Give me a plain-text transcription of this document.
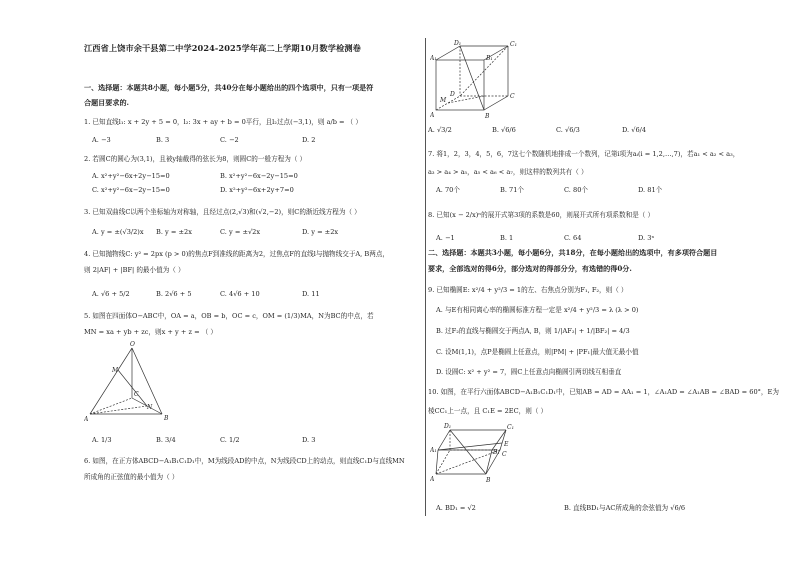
江西省上饶市余干县第二中学2024-2025学年高二上学期10月数学检测卷
一、选择题：本题共8小题，每小题5分，共40分在每小题给出的四个选项中，只有一项是符
合题目要求的.
1. 已知直线l₁: x + 2y + 5 = 0，l₂: 3x + ay + b = 0平行，且l₂过点(−3,1)，则 a/b = （ ）
A. −3	B. 3	C. −2	D. 2
2. 若圆C的圆心为(3,1)，且被y轴截得的弦长为8，则圆C的一般方程为（ ）
A. x²+y²−6x+2y−15=0	B. x²+y²−6x−2y−15=0
C. x²+y²−6x−2y−15=0	D. x²+y²−6x+2y+7=0
3. 已知双曲线C以两个坐标轴为对称轴，且经过点(2,√3)和(√2,−2)，则C的渐近线方程为（ ）
A. y = ±(√3/2)x B. y = ±2x	C. y = ±√2x	D. y = ±2x
4. 已知抛物线C: y² = 2px (p > 0)的焦点F到准线的距离为2，过焦点F的直线l与抛物线交于A, B两点，
则 2|AF| + |BF| 的最小值为（ ）
A. √6 + 5/2	B. 2√6 + 5	C. 4√6 + 10	D. 11
5. 如图在四面体O−ABC中，OA = a，OB = b，OC = c，OM = (1/3)MA，N为BC的中点，若
MN = xa + yb + zc，则x + y + z = （ ）
O
M
C
N
A	B
A. 1/3	B. 3/4	C. 1/2	D. 3
6. 如图，在正方体ABCD−A₁B₁C₁D₁中，M为线段AD的中点，N为线段CD上的动点，则直线C₁D与直线MN
所成角的正弦值的最小值为（ ）
D₁	C₁
A₁	B₁
D	C
M
A	B
A. √3/2	B. √6/6	C. √6/3	D. √6/4
7. 将1，2，3，4，5，6，7这七个数随机地排成一个数列，记第i项为aᵢ(i = 1,2,…,7)，若a₁ < a₂ < a₃，
a₃ > a₄ > a₅，a₅ < a₆ < a₇，则这样的数列共有（ ）
A. 70个	B. 71个	C. 80个	D. 81个
8. 已知(x − 2/x)ⁿ的展开式第3项的系数是60，则展开式所有项系数和是（ ）
A. −1	B. 1	C. 64	D. 3ⁿ
二、选择题：本题共3小题，每小题6分，共18分，在每小题给出的选项中，有多项符合题目
要求，全部选对的得6分，部分选对的得部分分，有选错的得0分.
9. 已知椭圆E: x²/4 + y²/3 = 1的左、右焦点分别为F₁, F₂，则（ ）
A. 与E有相同离心率的椭圆标准方程一定是 x²/4 + y²/3 = λ (λ > 0)
B. 过F₂的直线与椭圆交于两点A, B，则 1/|AF₂| + 1/|BF₂| = 4/3
C. 设M(1,1)，点P是椭圆上任意点，则|PM| + |PF₁|最大值无最小值
D. 设圆C: x² + y² = 7，圆C上任意点向椭圆引两切线互相垂直
10. 如图，在平行六面体ABCD−A₁B₁C₁D₁中，已知AB = AD = AA₁ = 1，∠A₁AD = ∠A₁AB = ∠BAD = 60°，E为
棱CC₁上一点，且 C₁E = 2EC，则（ ）
D₁	C₁
A₁	B₁
E
C
A	B
A. BD₁ = √2	B. 直线BD₁与AC所成角的余弦值为 √6/6
